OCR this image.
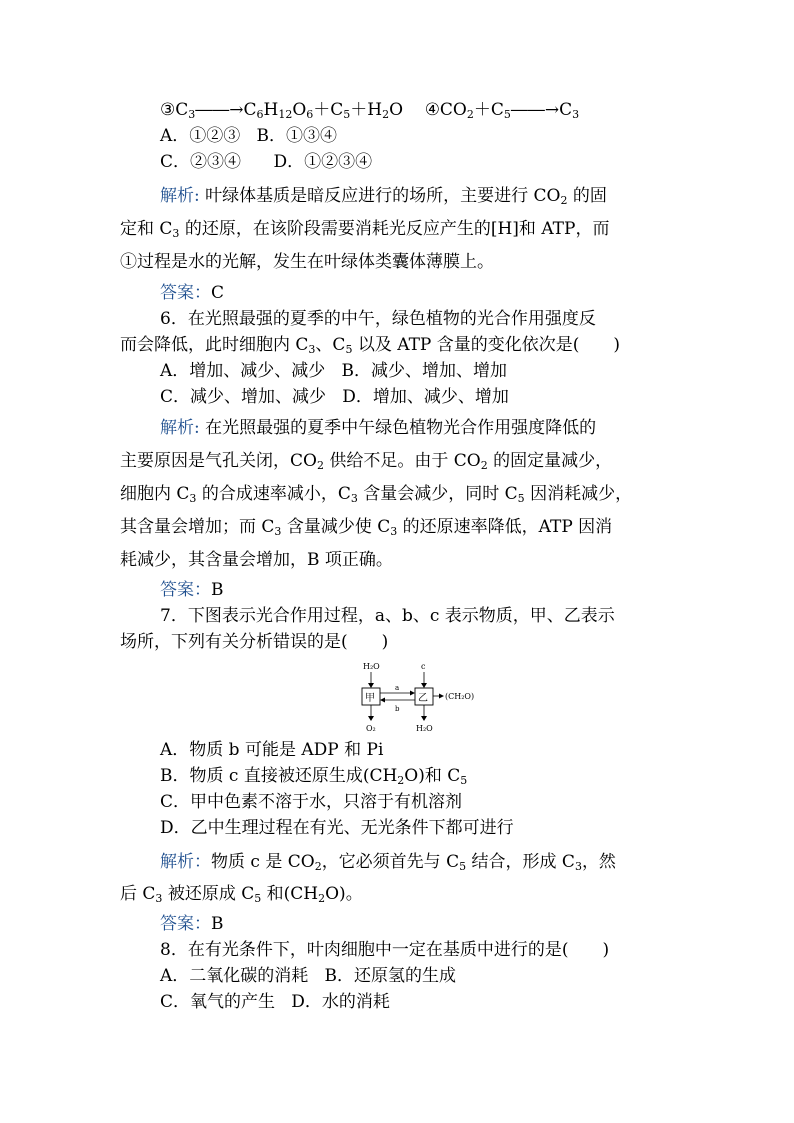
$③C_3――\to C_6H_{12}O_6+C_5+H_2O$ $④CO_2+C_5――\to C_3$
A．①②③ B．①③④
C．②③④ D．①②③④
解析: 叶绿体基质是暗反应进行的场所，主要进行 $CO_2$ 的固
定和 $C_3$ 的还原，在该阶段需要消耗光反应产生的[H]和 ATP，而
①过程是水的光解，发生在叶绿体类囊体薄膜上。
答案：C
6．在光照最强的夏季的中午，绿色植物的光合作用强度反
而会降低，此时细胞内 $C_3$、$C_5$ 以及 ATP 含量的变化依次是(　　)
A．增加、减少、减少 B．减少、增加、增加
C．减少、增加、减少 D．增加、减少、增加
解析: 在光照最强的夏季中午绿色植物光合作用强度降低的
主要原因是气孔关闭，$CO_2$ 供给不足。由于 $CO_2$ 的固定量减少，
细胞内 $C_3$ 的合成速率减小，$C_3$ 含量会减少，同时 $C_5$ 因消耗减少，
其含量会增加；而 $C_3$ 含量减少使 $C_3$ 的还原速率降低，ATP 因消
耗减少，其含量会增加，B 项正确。
答案：B
7．下图表示光合作用过程，a、b、c 表示物质，甲、乙表示
场所，下列有关分析错误的是(　　)
H₂O	c
甲	乙
a
b
(CH₂O)
O₂	H₂O
A．物质 b 可能是 ADP 和 Pi
B．物质 c 直接被还原生成$(CH_2O)$和 $C_5$
C．甲中色素不溶于水，只溶于有机溶剂
D．乙中生理过程在有光、无光条件下都可进行
解析：物质 c 是 $CO_2$，它必须首先与 $C_5$ 结合，形成 $C_3$，然
后 $C_3$ 被还原成 $C_5$ 和$(CH_2O)$。
答案：B
8．在有光条件下，叶肉细胞中一定在基质中进行的是(　　)
A．二氧化碳的消耗 B．还原氢的生成
C．氧气的产生 D．水的消耗
